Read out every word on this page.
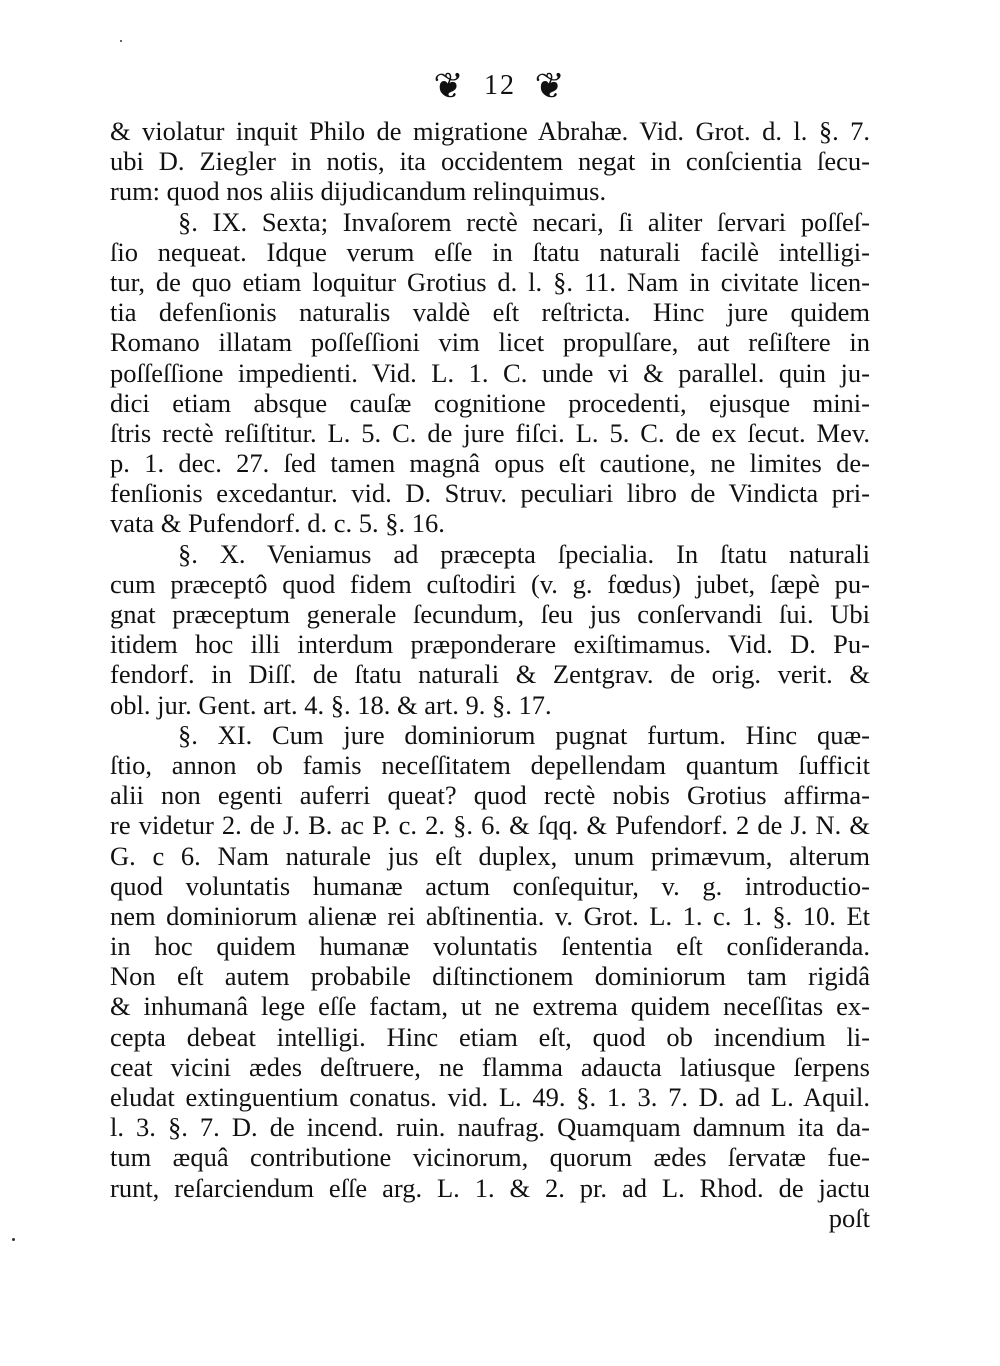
❦ 12 ❦
& violatur inquit Philo de migratione Abrahæ. Vid. Grot. d. l. §. 7.
ubi D. Ziegler in notis, ita occidentem negat in conſcientia ſecu-
rum: quod nos aliis dijudicandum relinquimus.
§. IX. Sexta; Invaſorem rectè necari, ſi aliter ſervari poſſeſ-
ſio nequeat. Idque verum eſſe in ſtatu naturali facilè intelligi-
tur, de quo etiam loquitur Grotius d. l. §. 11. Nam in civitate licen-
tia defenſionis naturalis valdè eſt reſtricta. Hinc jure quidem
Romano illatam poſſeſſioni vim licet propulſare, aut reſiſtere in
poſſeſſione impedienti. Vid. L. 1. C. unde vi & parallel. quin ju-
dici etiam absque cauſæ cognitione procedenti, ejusque mini-
ſtris rectè reſiſtitur. L. 5. C. de jure fiſci. L. 5. C. de ex ſecut. Mev.
p. 1. dec. 27. ſed tamen magnâ opus eſt cautione, ne limites de-
fenſionis excedantur. vid. D. Struv. peculiari libro de Vindicta pri-
vata & Pufendorf. d. c. 5. §. 16.
§. X. Veniamus ad præcepta ſpecialia. In ſtatu naturali
cum præceptô quod fidem cuſtodiri (v. g. fœdus) jubet, ſæpè pu-
gnat præceptum generale ſecundum, ſeu jus conſervandi ſui. Ubi
itidem hoc illi interdum præponderare exiſtimamus. Vid. D. Pu-
fendorf. in Diſſ. de ſtatu naturali & Zentgrav. de orig. verit. &
obl. jur. Gent. art. 4. §. 18. & art. 9. §. 17.
§. XI. Cum jure dominiorum pugnat furtum. Hinc quæ-
ſtio, annon ob famis neceſſitatem depellendam quantum ſufficit
alii non egenti auferri queat? quod rectè nobis Grotius affirma-
re videtur 2. de J. B. ac P. c. 2. §. 6. & ſqq. & Pufendorf. 2 de J. N. &
G. c 6. Nam naturale jus eſt duplex, unum primævum, alterum
quod voluntatis humanæ actum conſequitur, v. g. introductio-
nem dominiorum alienæ rei abſtinentia. v. Grot. L. 1. c. 1. §. 10. Et
in hoc quidem humanæ voluntatis ſententia eſt conſideranda.
Non eſt autem probabile diſtinctionem dominiorum tam rigidâ
& inhumanâ lege eſſe factam, ut ne extrema quidem neceſſitas ex-
cepta debeat intelligi. Hinc etiam eſt, quod ob incendium li-
ceat vicini ædes deſtruere, ne flamma adaucta latiusque ſerpens
eludat extinguentium conatus. vid. L. 49. §. 1. 3. 7. D. ad L. Aquil.
l. 3. §. 7. D. de incend. ruin. naufrag. Quamquam damnum ita da-
tum æquâ contributione vicinorum, quorum ædes ſervatæ fue-
runt, reſarciendum eſſe arg. L. 1. & 2. pr. ad L. Rhod. de jactu
poſt
